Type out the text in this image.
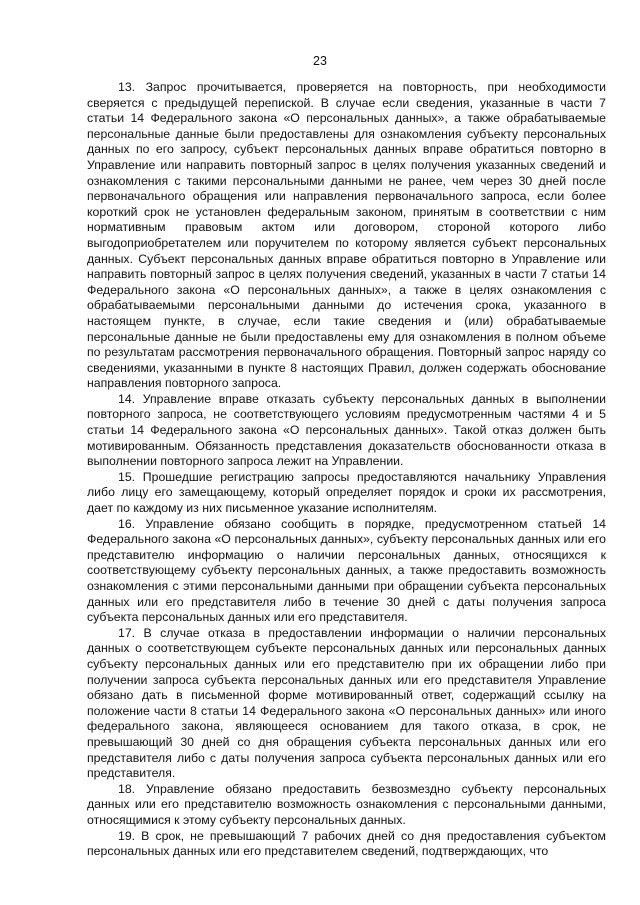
23

13. Запрос прочитывается, проверяется на повторность, при необходимости сверяется с предыдущей перепиской. В случае если сведения, указанные в части 7 статьи 14 Федерального закона «О персональных данных», а также обрабатываемые персональные данные были предоставлены для ознакомления субъекту персональных данных по его запросу, субъект персональных данных вправе обратиться повторно в Управление или направить повторный запрос в целях получения указанных сведений и ознакомления с такими персональными данными не ранее, чем через 30 дней после первоначального обращения или направления первоначального запроса, если более короткий срок не установлен федеральным законом, принятым в соответствии с ним нормативным правовым актом или договором, стороной которого либо выгодоприобретателем или поручителем по которому является субъект персональных данных. Субъект персональных данных вправе обратиться повторно в Управление или направить повторный запрос в целях получения сведений, указанных в части 7 статьи 14 Федерального закона «О персональных данных», а также в целях ознакомления с обрабатываемыми персональными данными до истечения срока, указанного в настоящем пункте, в случае, если такие сведения и (или) обрабатываемые персональные данные не были предоставлены ему для ознакомления в полном объеме по результатам рассмотрения первоначального обращения. Повторный запрос наряду со сведениями, указанными в пункте 8 настоящих Правил, должен содержать обоснование направления повторного запроса.

14. Управление вправе отказать субъекту персональных данных в выполнении повторного запроса, не соответствующего условиям предусмотренным частями 4 и 5 статьи 14 Федерального закона «О персональных данных». Такой отказ должен быть мотивированным. Обязанность представления доказательств обоснованности отказа в выполнении повторного запроса лежит на Управлении.

15. Прошедшие регистрацию запросы предоставляются начальнику Управления либо лицу его замещающему, который определяет порядок и сроки их рассмотрения, дает по каждому из них письменное указание исполнителям.

16. Управление обязано сообщить в порядке, предусмотренном статьей 14 Федерального закона «О персональных данных», субъекту персональных данных или его представителю информацию о наличии персональных данных, относящихся к соответствующему субъекту персональных данных, а также предоставить возможность ознакомления с этими персональными данными при обращении субъекта персональных данных или его представителя либо в течение 30 дней с даты получения запроса субъекта персональных данных или его представителя.

17. В случае отказа в предоставлении информации о наличии персональных данных о соответствующем субъекте персональных данных или персональных данных субъекту персональных данных или его представителю при их обращении либо при получении запроса субъекта персональных данных или его представителя Управление обязано дать в письменной форме мотивированный ответ, содержащий ссылку на положение части 8 статьи 14 Федерального закона «О персональных данных» или иного федерального закона, являющееся основанием для такого отказа, в срок, не превышающий 30 дней со дня обращения субъекта персональных данных или его представителя либо с даты получения запроса субъекта персональных данных или его представителя.

18. Управление обязано предоставить безвозмездно субъекту персональных данных или его представителю возможность ознакомления с персональными данными, относящимися к этому субъекту персональных данных.

19. В срок, не превышающий 7 рабочих дней со дня предоставления субъектом персональных данных или его представителем сведений, подтверждающих, что
